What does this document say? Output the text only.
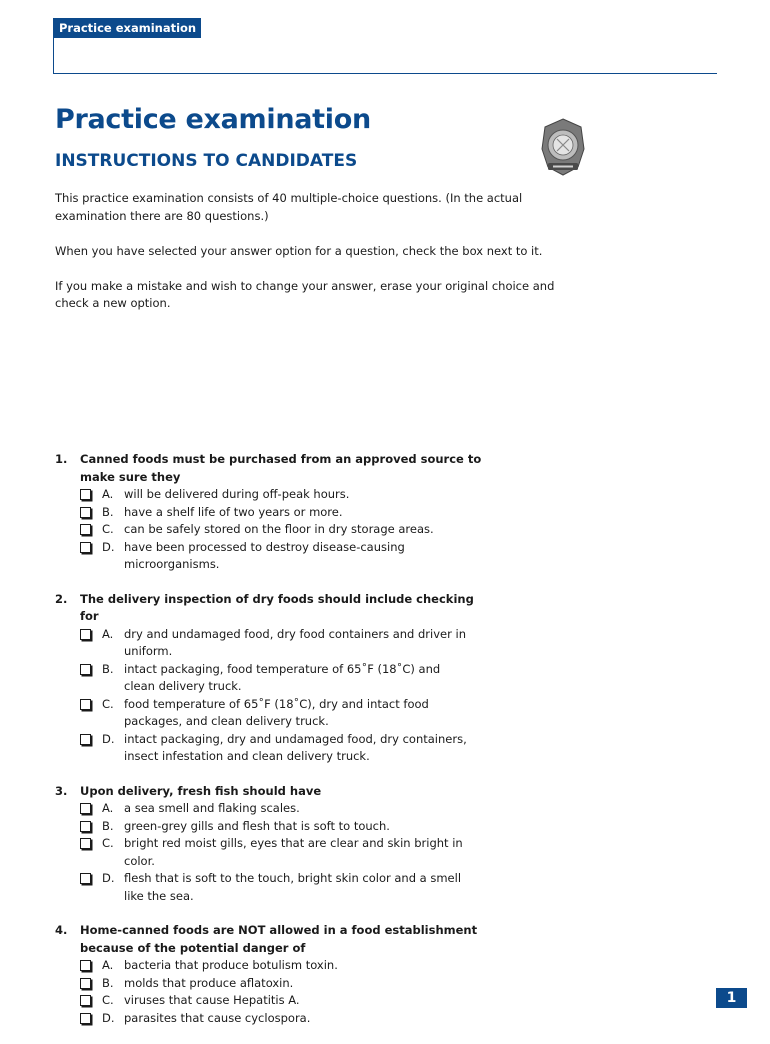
Practice examination
Practice examination
INSTRUCTIONS TO CANDIDATES

This practice examination consists of 40 multiple-choice questions. (In the actual examination there are 80 questions.)

When you have selected your answer option for a question, check the box next to it.

If you make a mistake and wish to change your answer, erase your original choice and check a new option.

1.	Canned foods must be purchased from an approved source to make sure they
A. will be delivered during off-peak hours.
B. have a shelf life of two years or more.
C. can be safely stored on the floor in dry storage areas.
D. have been processed to destroy disease-causing microorganisms.
2.	The delivery inspection of dry foods should include checking for
A. dry and undamaged food, dry food containers and driver in uniform.
B. intact packaging, food temperature of 65˚F (18˚C) and clean delivery truck.
C. food temperature of 65˚F (18˚C), dry and intact food packages, and clean delivery truck.
D. intact packaging, dry and undamaged food, dry containers, insect infestation and clean delivery truck.
3.	Upon delivery, fresh fish should have
A. a sea smell and flaking scales.
B. green-grey gills and flesh that is soft to touch.
C. bright red moist gills, eyes that are clear and skin bright in color.
D. flesh that is soft to the touch, bright skin color and a smell like the sea.
4.	Home-canned foods are NOT allowed in a food establishment because of the potential danger of
A. bacteria that produce botulism toxin.
B. molds that produce aflatoxin.
C. viruses that cause Hepatitis A.
D. parasites that cause cyclospora.
1
